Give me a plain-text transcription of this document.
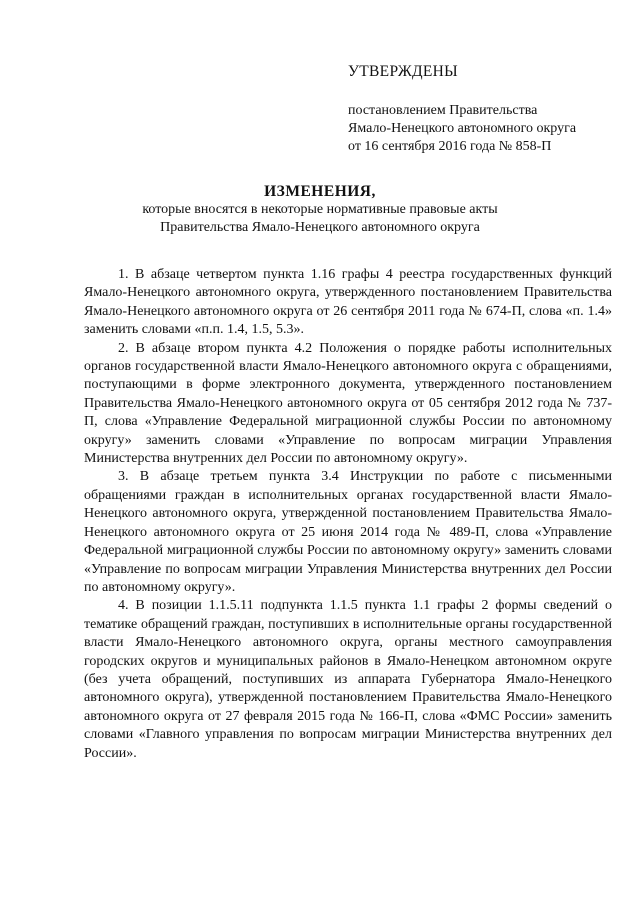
УТВЕРЖДЕНЫ
постановлением Правительства
Ямало-Ненецкого автономного округа
от 16 сентября 2016 года № 858-П
ИЗМЕНЕНИЯ,
которые вносятся в некоторые нормативные правовые акты
Правительства Ямало-Ненецкого автономного округа

1. В абзаце четвертом пункта 1.16 графы 4 реестра государственных функций Ямало-Ненецкого автономного округа, утвержденного постановлением Правительства Ямало-Ненецкого автономного округа от 26 сентября 2011 года № 674-П, слова «п. 1.4» заменить словами «п.п. 1.4, 1.5, 5.3».

2. В абзаце втором пункта 4.2 Положения о порядке работы исполнительных органов государственной власти Ямало-Ненецкого автономного округа с обращениями, поступающими в форме электронного документа, утвержденного постановлением Правительства Ямало-Ненецкого автономного округа от 05 сентября 2012 года № 737-П, слова «Управление Федеральной миграционной службы России по автономному округу» заменить словами «Управление по вопросам миграции Управления Министерства внутренних дел России по автономному округу».

3. В абзаце третьем пункта 3.4 Инструкции по работе с письменными обращениями граждан в исполнительных органах государственной власти Ямало-Ненецкого автономного округа, утвержденной постановлением Правительства Ямало-Ненецкого автономного округа от 25 июня 2014 года № 489-П, слова «Управление Федеральной миграционной службы России по автономному округу» заменить словами «Управление по вопросам миграции Управления Министерства внутренних дел России по автономному округу».

4. В позиции 1.1.5.11 подпункта 1.1.5 пункта 1.1 графы 2 формы сведений о тематике обращений граждан, поступивших в исполнительные органы государственной власти Ямало-Ненецкого автономного округа, органы местного самоуправления городских округов и муниципальных районов в Ямало-Ненецком автономном округе (без учета обращений, поступивших из аппарата Губернатора Ямало-Ненецкого автономного округа), утвержденной постановлением Правительства Ямало-Ненецкого автономного округа от 27 февраля 2015 года № 166-П, слова «ФМС России» заменить словами «Главного управления по вопросам миграции Министерства внутренних дел России».
